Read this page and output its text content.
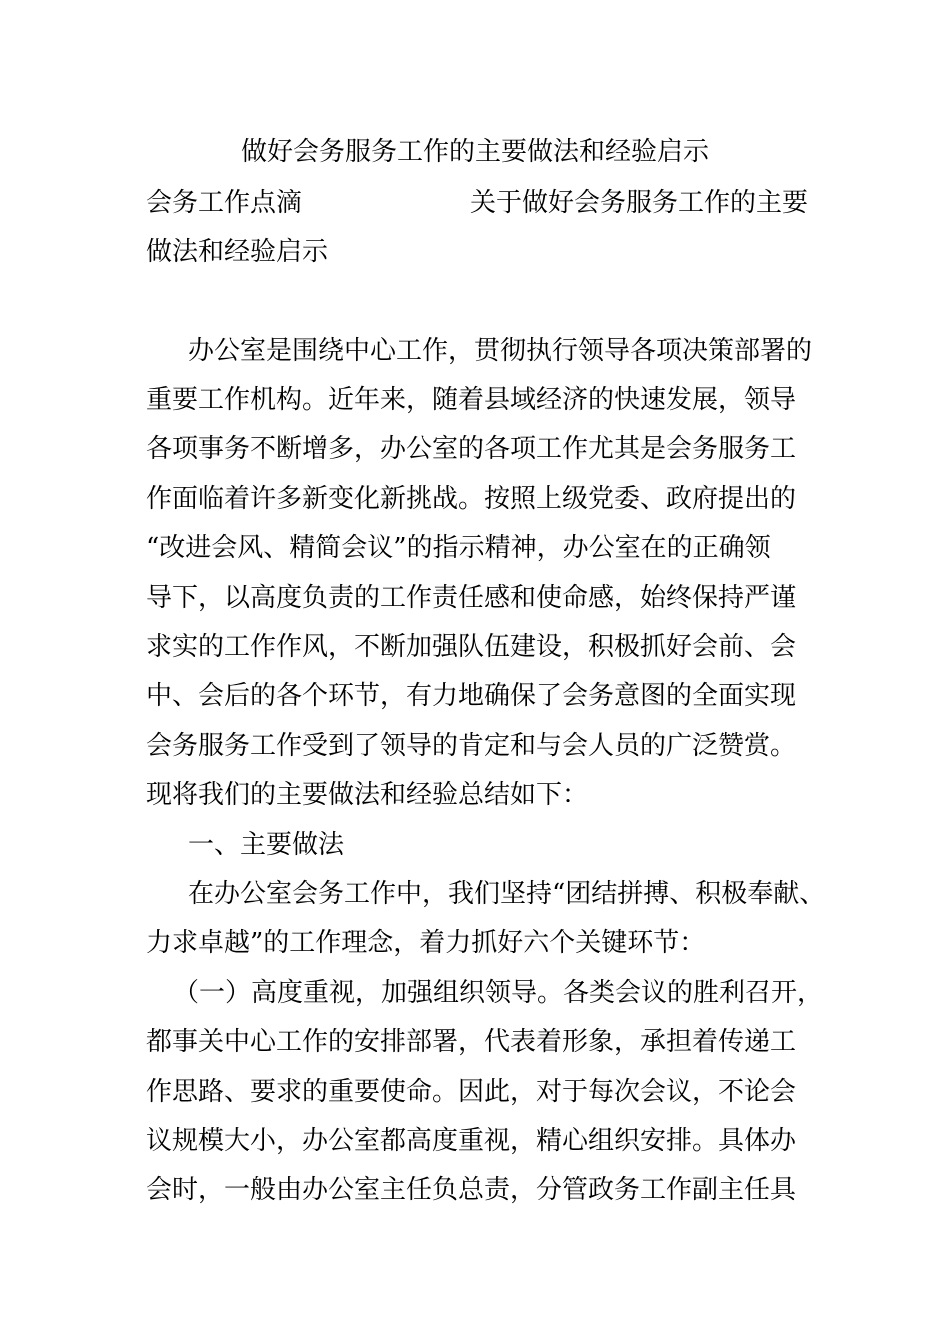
做好会务服务工作的主要做法和经验启示

会务工作点滴	关于做好会务服务工作的主要

做法和经验启示

办公室是围绕中心工作，贯彻执行领导各项决策部署的

重要工作机构。近年来，随着县域经济的快速发展，领导

各项事务不断增多，办公室的各项工作尤其是会务服务工

作面临着许多新变化新挑战。按照上级党委、政府提出的

“改进会风、精简会议”的指示精神，办公室在的正确领

导下，以高度负责的工作责任感和使命感，始终保持严谨

求实的工作作风，不断加强队伍建设，积极抓好会前、会

中、会后的各个环节，有力地确保了会务意图的全面实现

会务服务工作受到了领导的肯定和与会人员的广泛赞赏。

现将我们的主要做法和经验总结如下：

一、主要做法

在办公室会务工作中，我们坚持“团结拼搏、积极奉献、

力求卓越”的工作理念，着力抓好六个关键环节：

（一）高度重视，加强组织领导。各类会议的胜利召开，

都事关中心工作的安排部署，代表着形象，承担着传递工

作思路、要求的重要使命。因此，对于每次会议，不论会

议规模大小，办公室都高度重视，精心组织安排。具体办

会时，一般由办公室主任负总责，分管政务工作副主任具
